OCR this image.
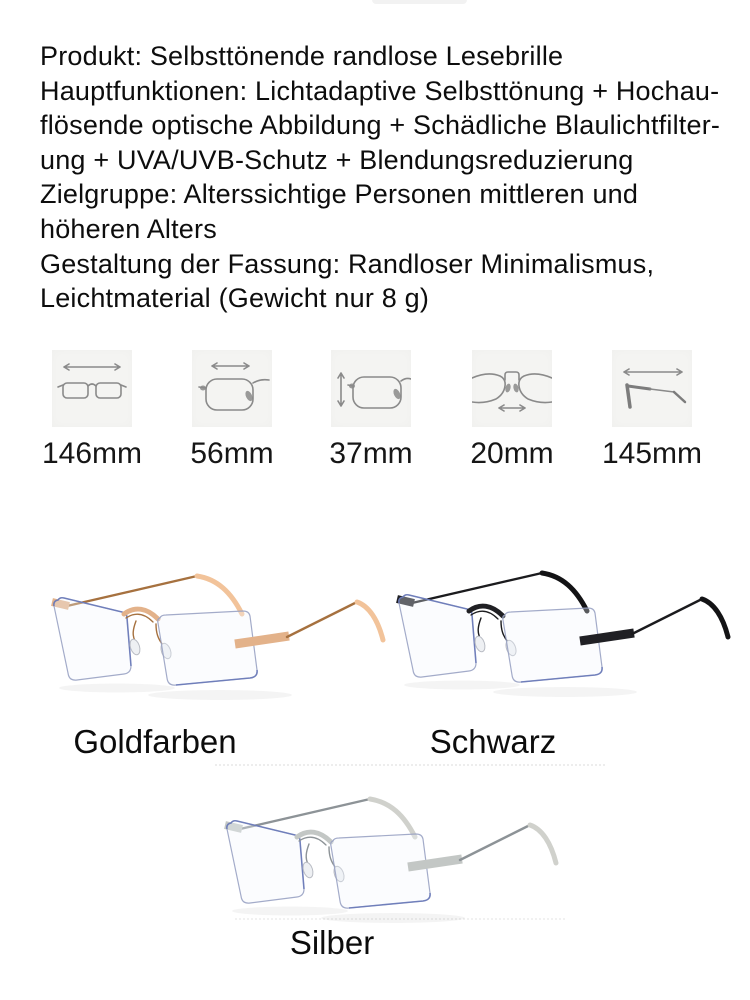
Produkt: Selbsttönende randlose Lesebrille
Hauptfunktionen: Lichtadaptive Selbsttönung + Hochau-
flösende optische Abbildung + Schädliche Blaulichtfilter-
ung + UVA/UVB-Schutz + Blendungsreduzierung
Zielgruppe: Alterssichtige Personen mittleren und
höheren Alters
Gestaltung der Fassung: Randloser Minimalismus,
Leichtmaterial (Gewicht nur 8 g)
146mm 56mm 37mm 20mm 145mm
Goldfarben	Schwarz
Silber
